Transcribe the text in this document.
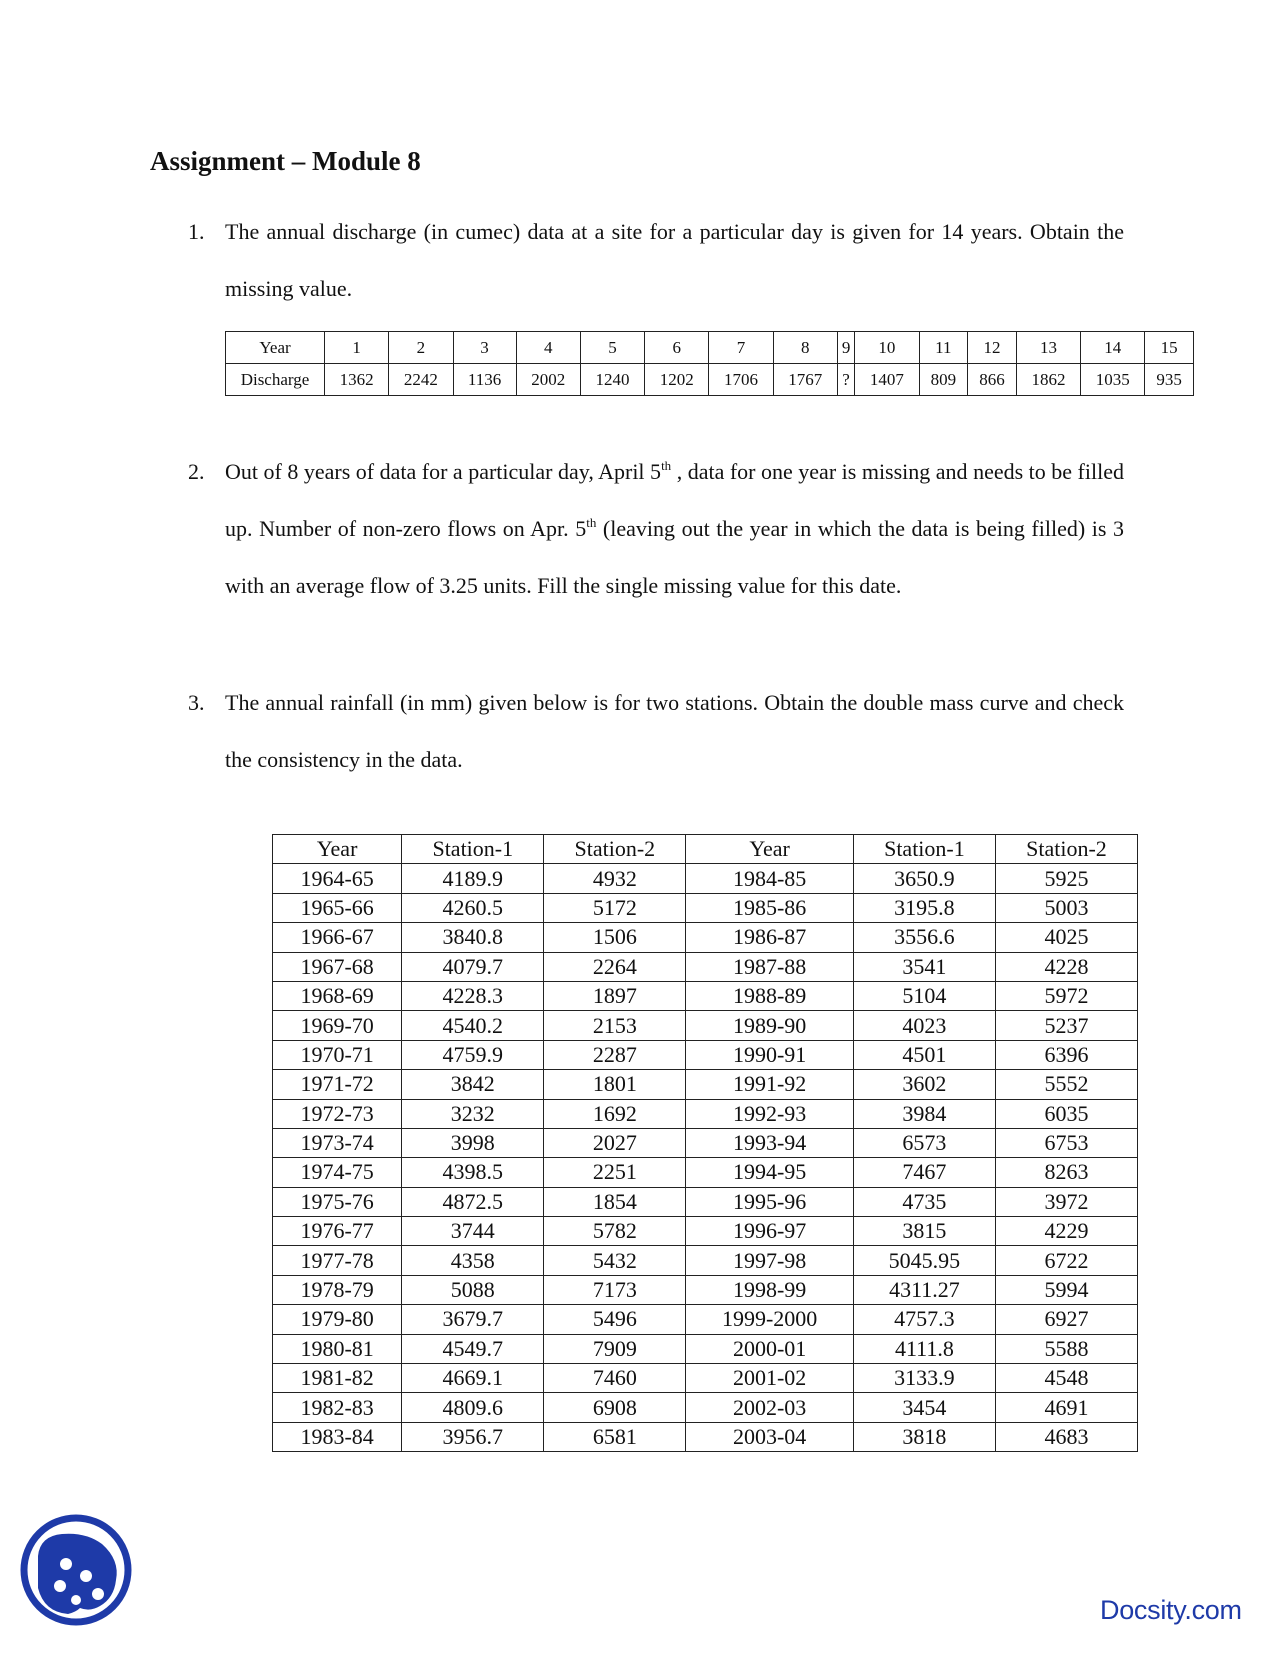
Assignment – Module 8
1. The annual discharge (in cumec) data at a site for a particular day is given for 14 years. Obtain the missing value.
Year	1	2	3	4	5	6	7	8	9	10	11	12	13	14	15
Discharge	1362	2242	1136	2002	1240	1202	1706	1767	?	1407	809	866	1862	1035	935
2. Out of 8 years of data for a particular day, April 5th , data for one year is missing and needs to be filled up. Number of non-zero flows on Apr. 5th (leaving out the year in which the data is being filled) is 3 with an average flow of 3.25 units. Fill the single missing value for this date.
3. The annual rainfall (in mm) given below is for two stations. Obtain the double mass curve and check the consistency in the data.
Year	Station-1	Station-2	Year	Station-1	Station-2
1964-65	4189.9	4932	1984-85	3650.9	5925
1965-66	4260.5	5172	1985-86	3195.8	5003
1966-67	3840.8	1506	1986-87	3556.6	4025
1967-68	4079.7	2264	1987-88	3541	4228
1968-69	4228.3	1897	1988-89	5104	5972
1969-70	4540.2	2153	1989-90	4023	5237
1970-71	4759.9	2287	1990-91	4501	6396
1971-72	3842	1801	1991-92	3602	5552
1972-73	3232	1692	1992-93	3984	6035
1973-74	3998	2027	1993-94	6573	6753
1974-75	4398.5	2251	1994-95	7467	8263
1975-76	4872.5	1854	1995-96	4735	3972
1976-77	3744	5782	1996-97	3815	4229
1977-78	4358	5432	1997-98	5045.95	6722
1978-79	5088	7173	1998-99	4311.27	5994
1979-80	3679.7	5496	1999-2000	4757.3	6927
1980-81	4549.7	7909	2000-01	4111.8	5588
1981-82	4669.1	7460	2001-02	3133.9	4548
1982-83	4809.6	6908	2002-03	3454	4691
1983-84	3956.7	6581	2003-04	3818	4683
Docsity.com
